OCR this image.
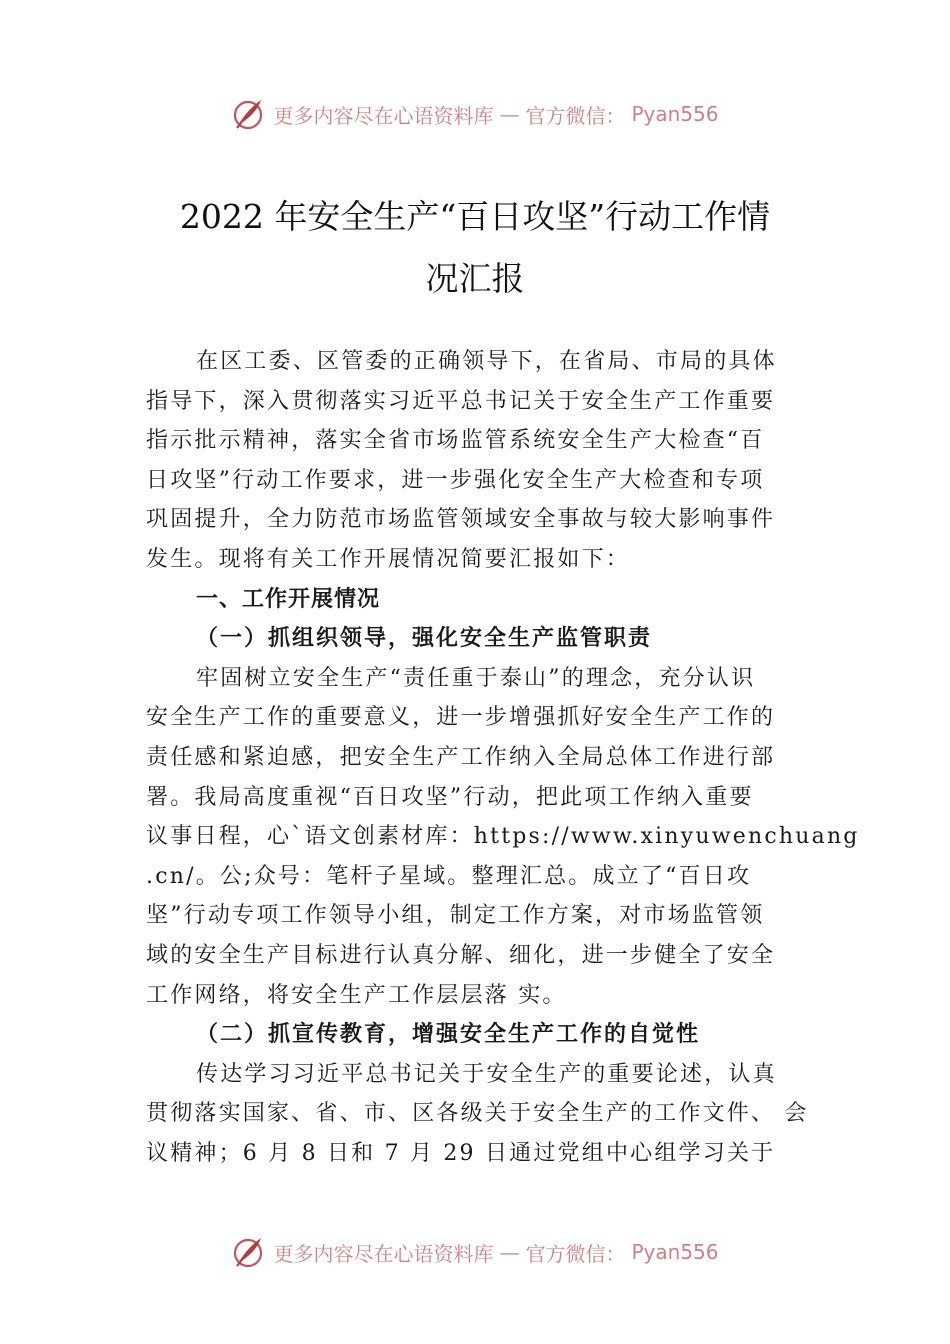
更多内容尽在心语资料库 — 官方微信： Pyan556
2022 年安全生产“百日攻坚”行动工作情
况汇报
在区工委、区管委的正确领导下，在省局、市局的具体
指导下，深入贯彻落实习近平总书记关于安全生产工作重要
指示批示精神，落实全省市场监管系统安全生产大检查“百
日攻坚”行动工作要求，进一步强化安全生产大检查和专项
巩固提升，全力防范市场监管领域安全事故与较大影响事件
发生。现将有关工作开展情况简要汇报如下：
一、工作开展情况
（一）抓组织领导，强化安全生产监管职责
牢固树立安全生产“责任重于泰山”的理念，充分认识
安全生产工作的重要意义，进一步增强抓好安全生产工作的
责任感和紧迫感，把安全生产工作纳入全局总体工作进行部
署。我局高度重视“百日攻坚”行动，把此项工作纳入重要
议事日程，心`语文创素材库：https://www.xinyuwenchuang
.cn/。公;众号：笔杆子星域。整理汇总。成立了“百日攻
坚”行动专项工作领导小组，制定工作方案，对市场监管领
域的安全生产目标进行认真分解、细化，进一步健全了安全
工作网络，将安全生产工作层层落 实。
（二）抓宣传教育，增强安全生产工作的自觉性
传达学习习近平总书记关于安全生产的重要论述，认真
贯彻落实国家、省、市、区各级关于安全生产的工作文件、 会
议精神；6 月 8 日和 7 月 29 日通过党组中心组学习关于
更多内容尽在心语资料库 — 官方微信： Pyan556
